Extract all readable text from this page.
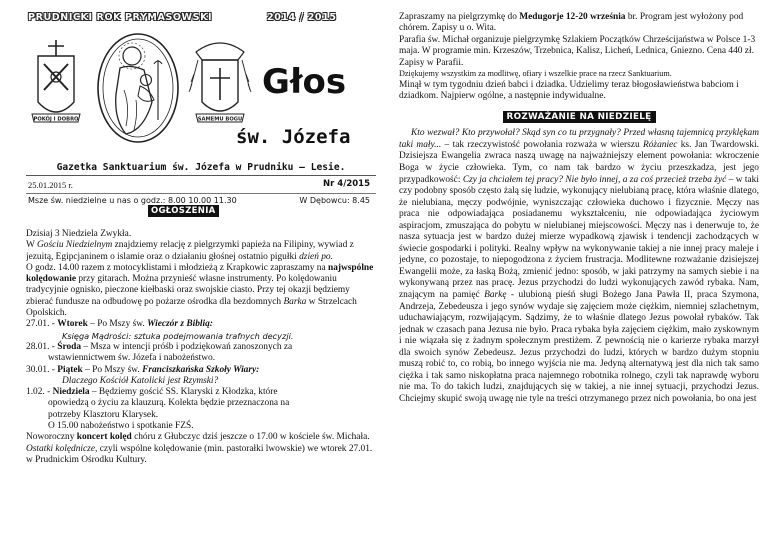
PRUDNICKI ROK PRYMASOWSKI	2014 / 2015
POKÓJ I DOBRO	SAMEMU BOGU
Głos
św. Józefa
Gazetka Sanktuarium św. Józefa w Prudniku – Lesie.
25.01.2015 r.	Nr 4/2015
Msze św. niedzielne u nas o godz.: 8.00 10.00 11.30	W Dębowcu: 8.45
OGŁOSZENIA

Dzisiaj 3 Niedziela Zwykła.

W Gościu Niedzielnym znajdziemy relację z pielgrzymki papieża na Filipiny, wywiad z jezuitą, Egipcjaninem o islamie oraz o działaniu głośnej ostatnio pigułki dzień po.

O godz. 14.00 razem z motocyklistami i młodzieżą z Krapkowic zapraszamy na najwspólne kolędowanie przy gitarach. Można przynieść własne instrumenty. Po kolędowaniu tradycyjnie ognisko, pieczone kiełbaski oraz swojskie ciasto. Przy tej okazji będziemy zbierać fundusze na odbudowę po pożarze ośrodka dla bezdomnych Barka w Strzelcach Opolskich.

27.01. - Wtorek – Po Mszy św. Wieczór z Biblią:

Księga Mądrości: sztuka podejmowania trafnych decyzji.

28.01. - Środa – Msza w intencji próśb i podziękowań zanoszonych za

wstawiennictwem św. Józefa i nabożeństwo.

30.01. - Piątek – Po Mszy św. Franciszkańska Szkoły Wiary:

Dlaczego Kościół Katolicki jest Rzymski?

1.02. - Niedziela – Będziemy gościć SS. Klaryski z Kłodzka, które

opowiedzą o życiu za klauzurą. Kolekta będzie przeznaczona na

potrzeby Klasztoru Klarysek.

O 15.00 nabożeństwo i spotkanie FZŚ.

Noworoczny koncert kolęd chóru z Głubczyc dziś jeszcze o 17.00 w kościele św. Michała.

Ostatki kolędnicze, czyli wspólne kolędowanie (min. pastorałki lwowskie) we wtorek 27.01. w Prudnickim Ośrodku Kultury.

Zapraszamy na pielgrzymkę do Medugorje 12-20 września br. Program jest wyłożony pod chórem. Zapisy u o. Wita.

Parafia św. Michał organizuje pielgrzymkę Szlakiem Początków Chrześcijaństwa w Polsce 1-3 maja. W programie min. Krzeszów, Trzebnica, Kalisz, Licheń, Lednica, Gniezno. Cena 440 zł. Zapisy w Parafii.

Dziękujemy wszystkim za modlitwę, ofiary i wszelkie prace na rzecz Sanktuarium.

Minął w tym tygodniu dzień babci i dziadka. Udzielimy teraz błogosławieństwa babciom i dziadkom. Najpierw ogólne, a następnie indywidualne.

ROZWAŻANIE NA NIEDZIELĘ

Kto wezwał? Kto przywołał? Skąd syn co tu przygnały? Przed własną tajemnicą przyklękam taki mały... – tak rzeczywistość powołania rozważa w wierszu Różaniec ks. Jan Twardowski. Dzisiejsza Ewangelia zwraca naszą uwagę na najważniejszy element powołania: wkroczenie Boga w życie człowieka. Tym, co nam tak bardzo w życiu przeszkadza, jest jego przypadkowość: Czy ja chciałem tej pracy? Nie było innej, a za coś przecież trzeba żyć – w taki czy podobny sposób często żalą się ludzie, wykonujący nielubianą pracę, która właśnie dlatego, że nielubiana, męczy podwójnie, wyniszczając człowieka duchowo i fizycznie. Męczy nas praca nie odpowiadająca posiadanemu wykształceniu, nie odpowiadająca życiowym aspiracjom, zmuszająca do pobytu w nielubianej miejscowości. Męczy nas i denerwuje to, że nasza sytuacja jest w bardzo dużej mierze wypadkową zjawisk i tendencji zachodzących w świecie gospodarki i polityki. Realny wpływ na wykonywanie takiej a nie innej pracy maleje i jedyne, co pozostaje, to niepogodzona z życiem frustracja. Modlitewne rozważanie dzisiejszej Ewangelii może, za łaską Bożą, zmienić jedno: sposób, w jaki patrzymy na samych siebie i na wykonywaną przez nas pracę. Jezus przychodzi do ludzi wykonujących zawód rybaka. Nam, znającym na pamięć Barkę - ulubioną pieśń sługi Bożego Jana Pawła II, praca Szymona, Andrzeja, Zebedeusza i jego synów wydaje się zajęciem może ciężkim, niemniej szlachetnym, uduchawiającym, rozwijającym. Sądzimy, że to właśnie dlatego Jezus powołał rybaków. Tak jednak w czasach pana Jezusa nie było. Praca rybaka była zajęciem ciężkim, mało zyskownym i nie wiązała się z żadnym społecznym prestiżem. Z pewnością nie o karierze rybaka marzył dla swoich synów Zebedeusz. Jezus przychodzi do ludzi, których w bardzo dużym stopniu muszą robić to, co robią, bo innego wyjścia nie ma. Jedyną alternatywą jest dla nich tak samo ciężka i tak samo niskopłatna praca najemnego robotnika rolnego, czyli tak naprawdę wyboru nie ma. To do takich ludzi, znajdujących się w takiej, a nie innej sytuacji, przychodzi Jezus. Chciejmy skupić swoją uwagę nie tyle na treści otrzymanego przez nich powołania, bo ona jest
